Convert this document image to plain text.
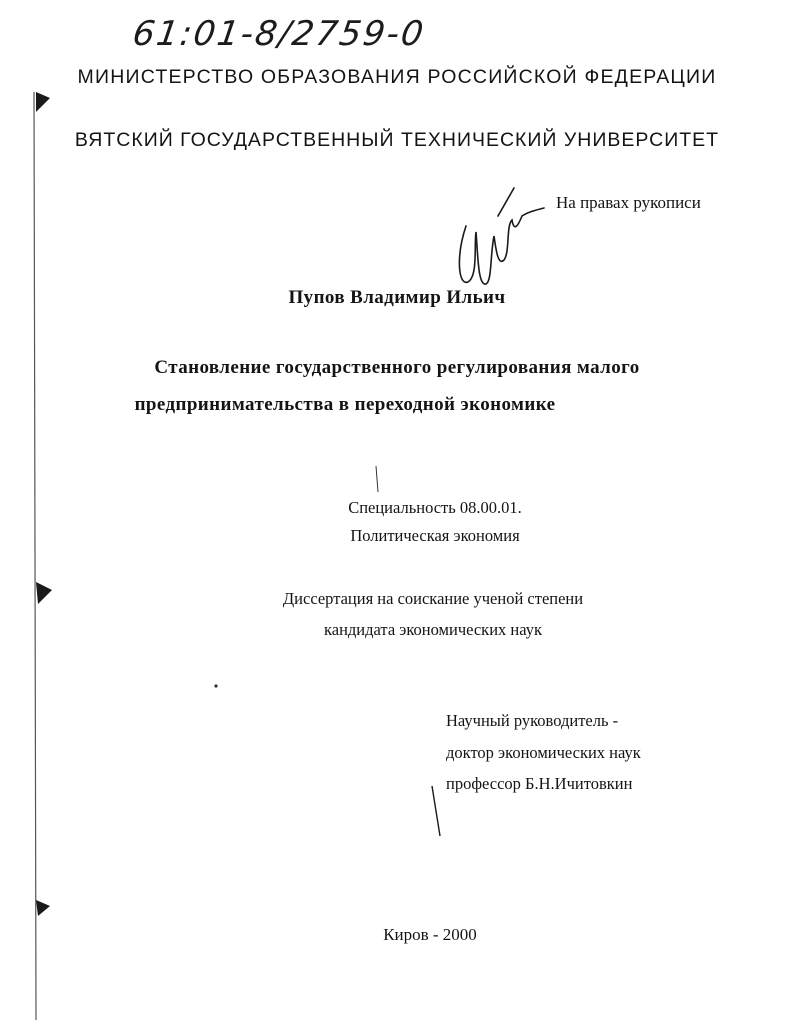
61:01-8/2759-0
МИНИСТЕРСТВО ОБРАЗОВАНИЯ РОССИЙСКОЙ ФЕДЕРАЦИИ
ВЯТСКИЙ ГОСУДАРСТВЕННЫЙ ТЕХНИЧЕСКИЙ УНИВЕРСИТЕТ
На правах рукописи
Пупов Владимир Ильич
Становление государственного регулирования малого
предпринимательства в переходной экономике
Специальность 08.00.01.
Политическая экономия
Диссертация на соискание ученой степени
кандидата экономических наук
Научный руководитель -
доктор экономических наук
профессор Б.Н.Ичитовкин
Киров - 2000
